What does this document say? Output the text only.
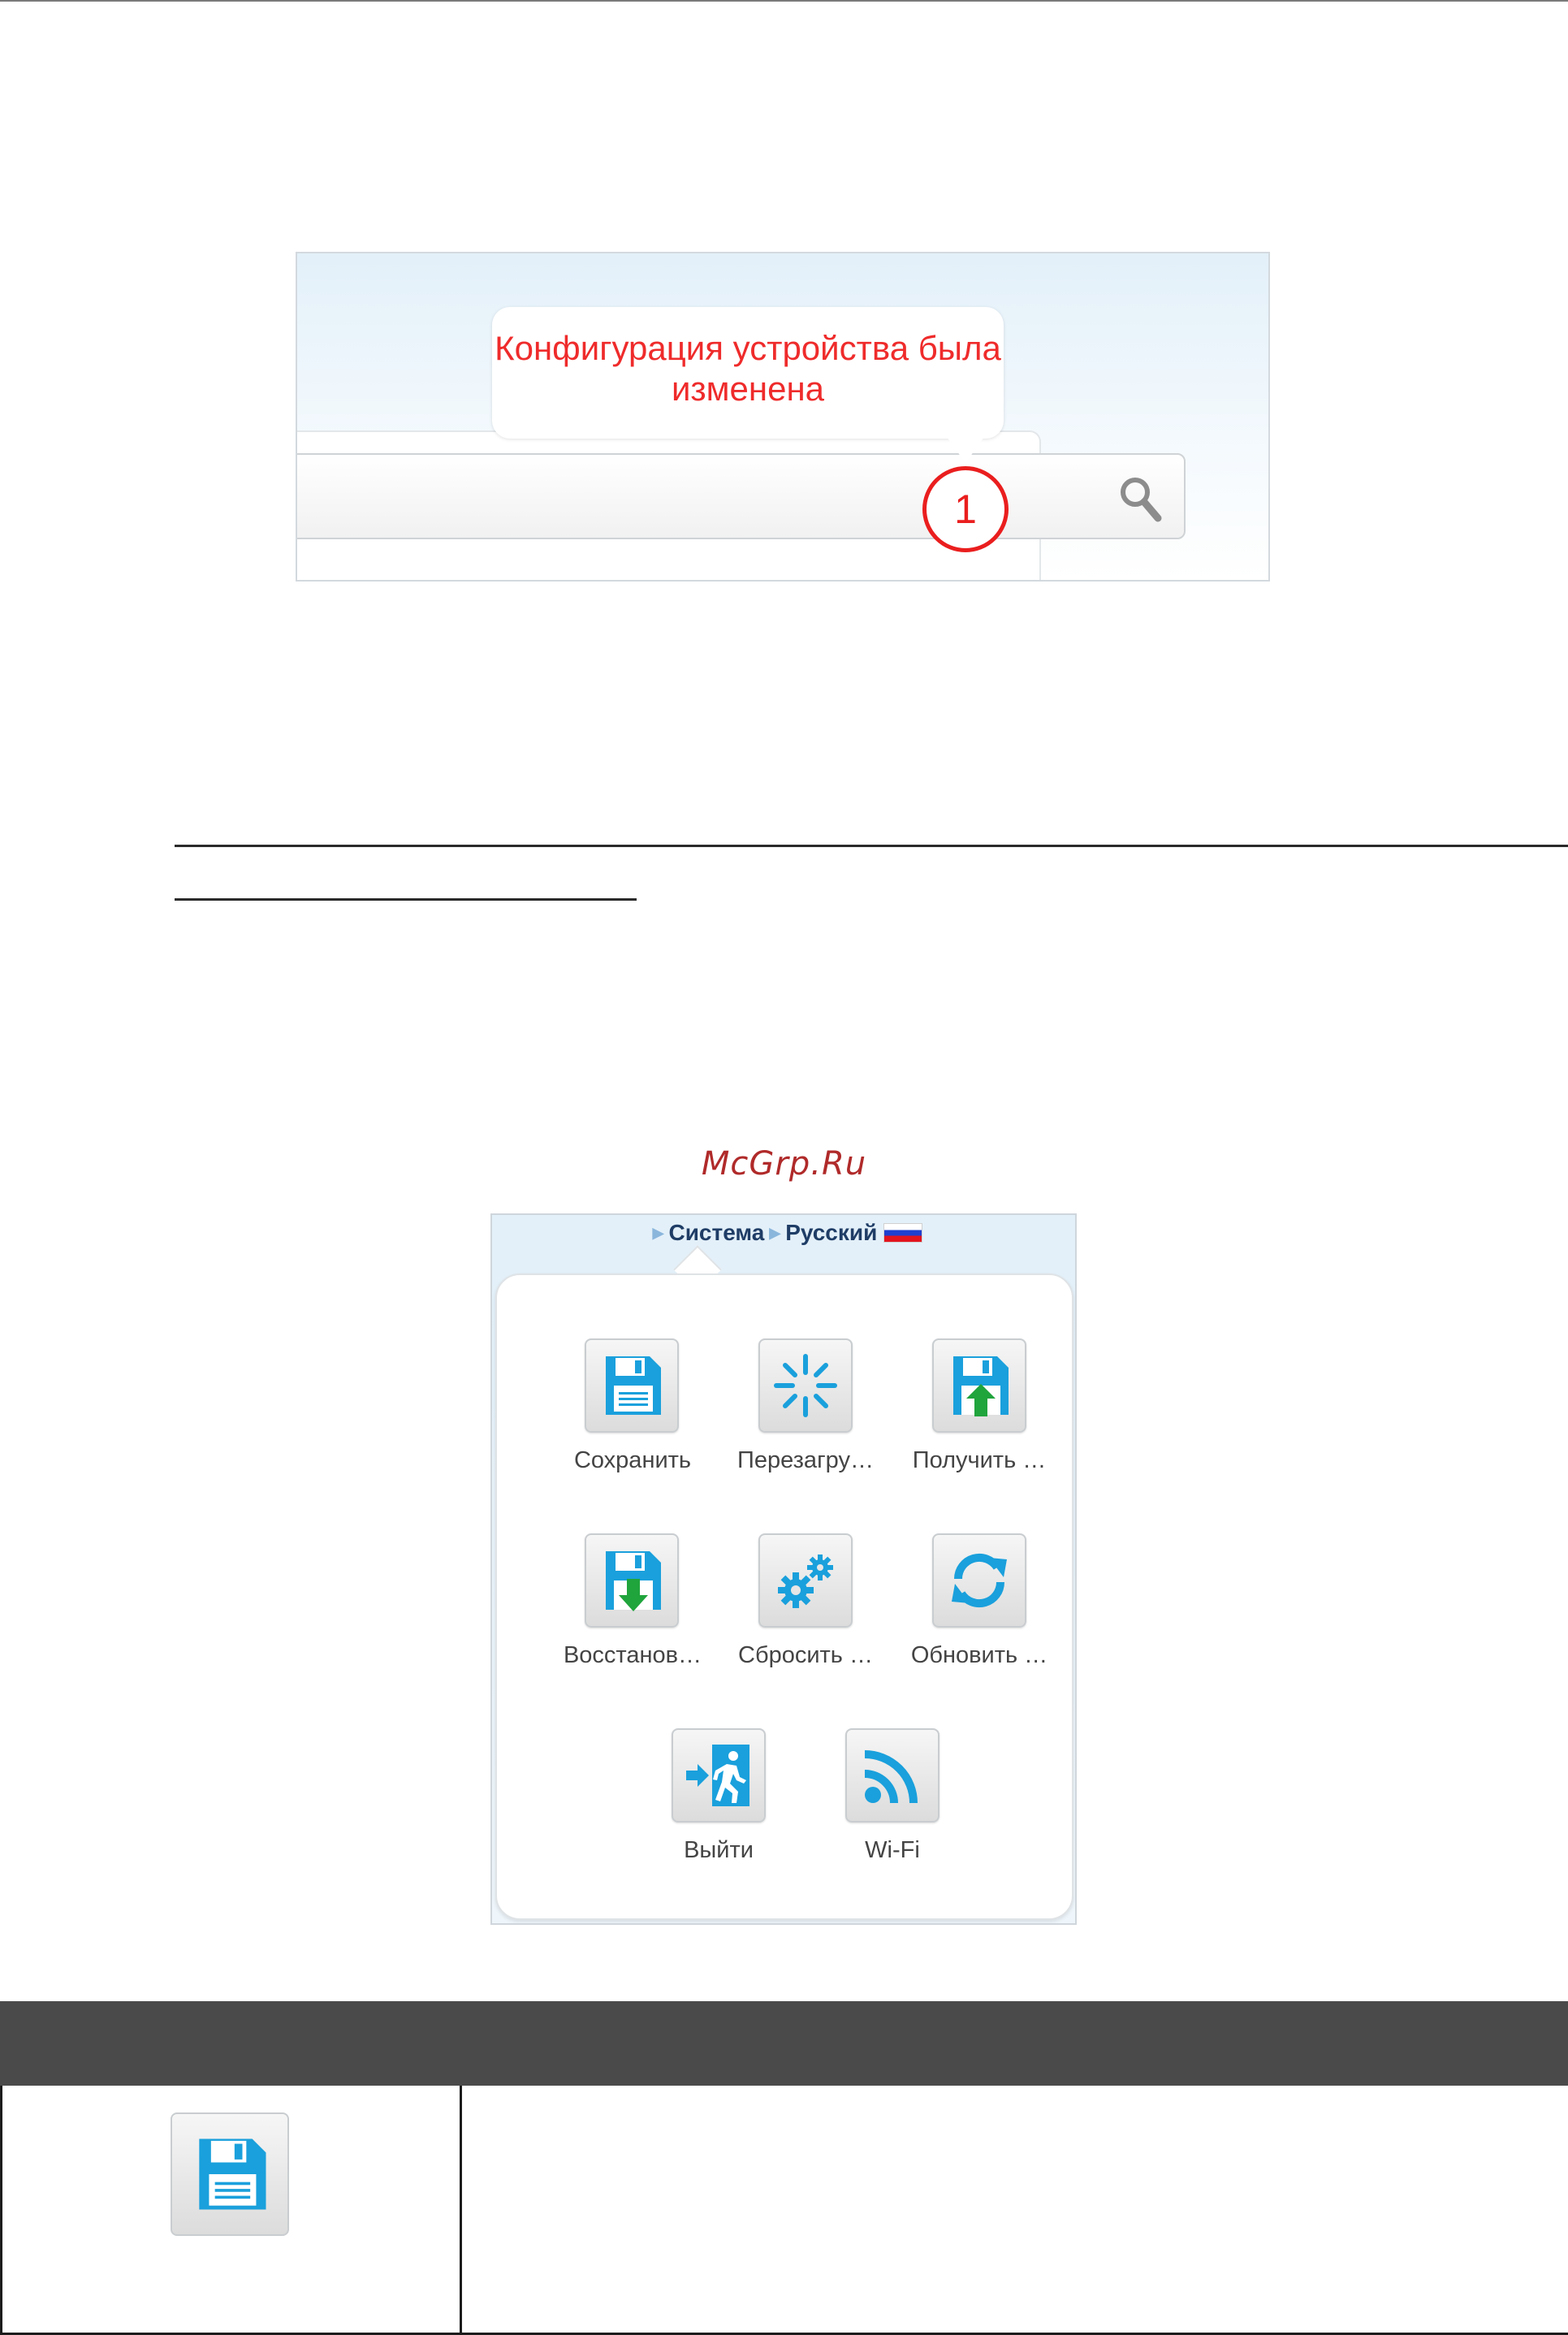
Конфигурация устройства была изменена
1
McGrp.Ru
▶ Система ▶ Русский
Сохранить	Перезагру…	Получить …
Восстанов…	Сбросить …	Обновить …
Выйти	Wi-Fi
